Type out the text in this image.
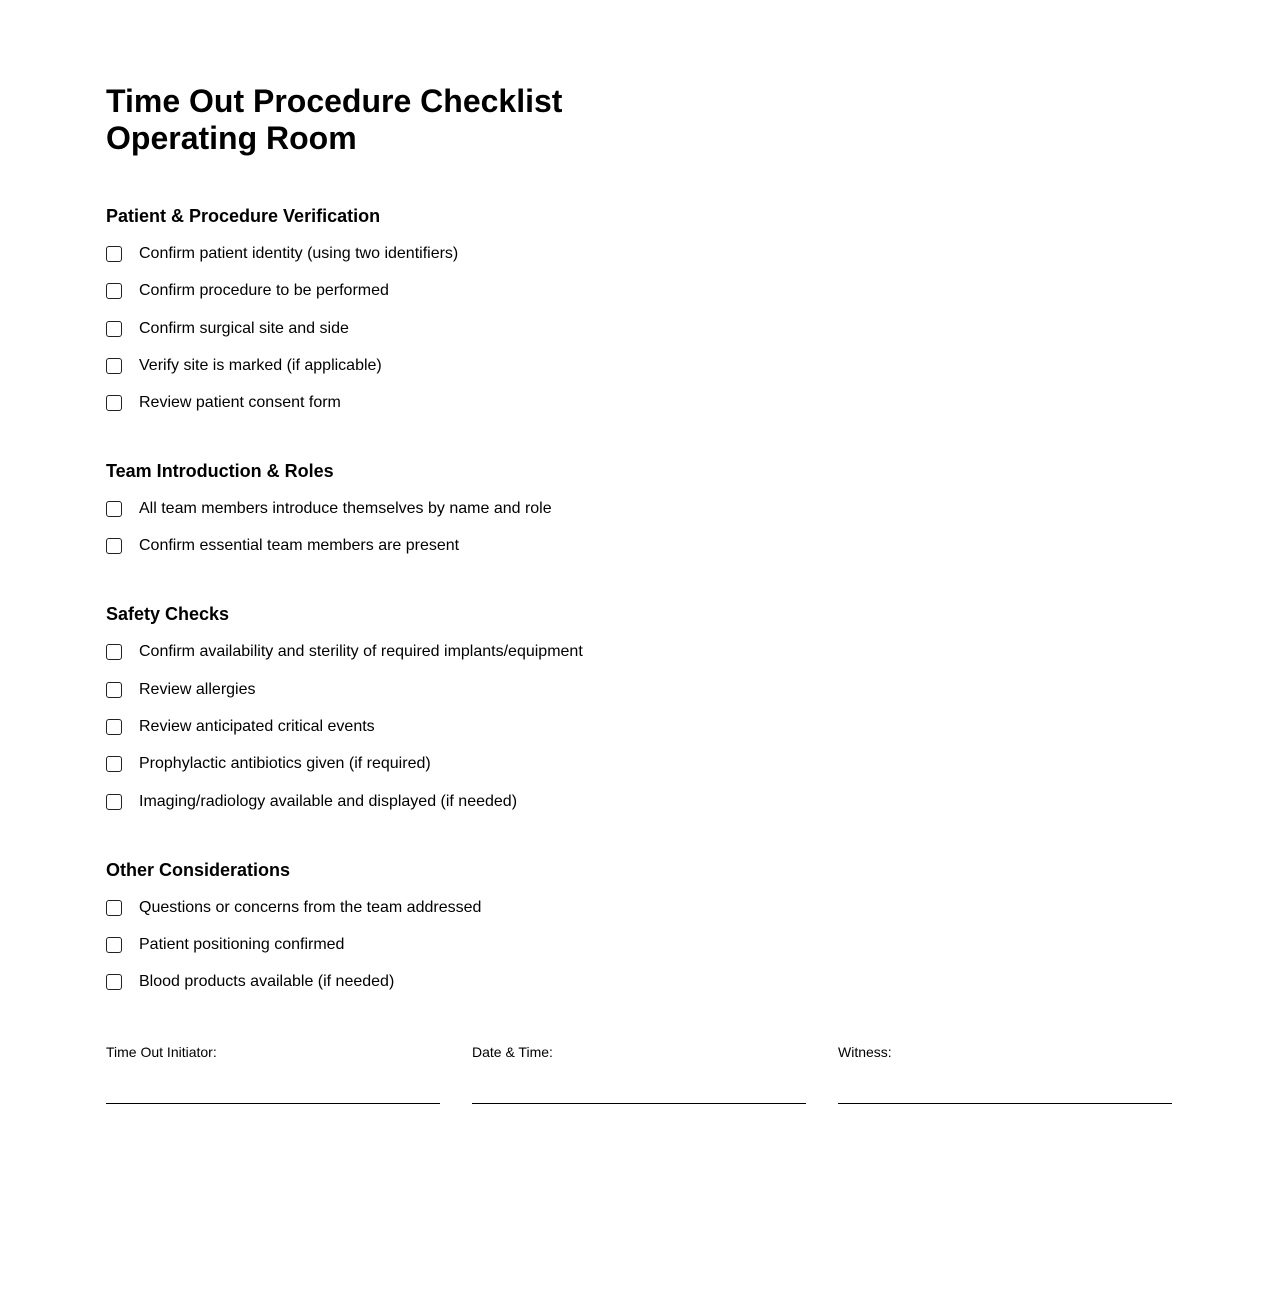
Time Out Procedure Checklist
Operating Room
Patient & Procedure Verification
Confirm patient identity (using two identifiers)
Confirm procedure to be performed
Confirm surgical site and side
Verify site is marked (if applicable)
Review patient consent form
Team Introduction & Roles
All team members introduce themselves by name and role
Confirm essential team members are present
Safety Checks
Confirm availability and sterility of required implants/equipment
Review allergies
Review anticipated critical events
Prophylactic antibiotics given (if required)
Imaging/radiology available and displayed (if needed)
Other Considerations
Questions or concerns from the team addressed
Patient positioning confirmed
Blood products available (if needed)
Time Out Initiator:	Date & Time:	Witness:
